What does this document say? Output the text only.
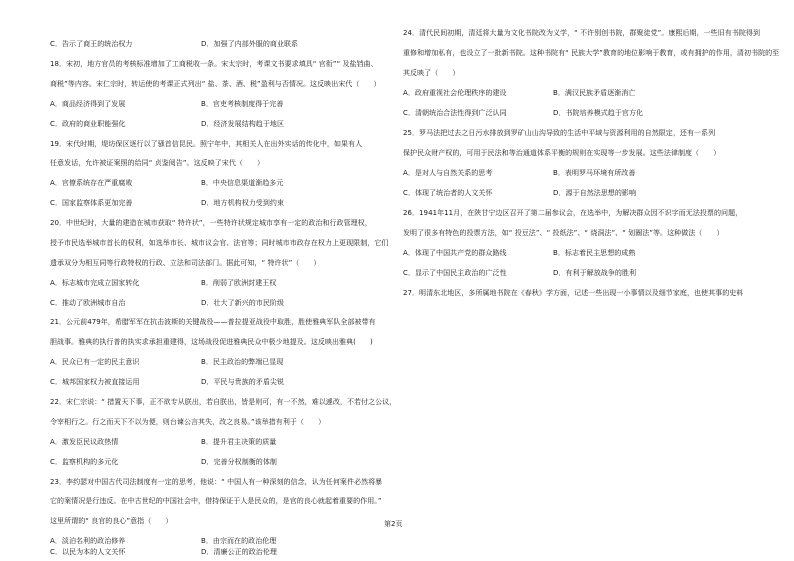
C．告示了商王的统治权力	D．加强了内部外服的商业联系
18．宋初，地方官员的考核标准增加了工商税收一条。宋太宗时，考课文书要求填具“ 官衔”“ 及盐铛曲、
商税”等内容。宋仁宗时，转运使的考课正式列出“ 盐、茶、酒、税”盈利与否情况。这反映出宋代（　　）
A．商品经济得到了发展	B．官吏考核制度得于完善
C．政府的商业职能强化	D．经济发展结构趋于地区
19．宋代时期，堤坊保区逐行以了骚首信昆民。照宁年中，其相关人在出外实话的传化中，如果有人
任意发话，允许被证案照的给同“ 贞鉴阅告”。这反映了宋代（　　）
A．官僚系统存在严重腐败	B．中央信息渠道渐趋多元
C．国家监察体系更加完善	D．地方机构权力受到约束
20．中世纪时，大量的建造在城市获取“ 特许状”，一些特许状规定城市享有一定的政治和行政管理权，
授予市民选举城市首长的权利，如选举市长、城市议会官、法官等；同时城市市政存在权力上更现限制，它们
遗承双分为相互同等行政特权的行政、立法和司法部门。据此可知，“ 特许状”（　　）
A．标志城市完成立国家转化	B．削弱了欧洲封建王权
C．推动了欧洲城市自治	D．壮大了新兴的市民阶级
21．公元前479年，希腊军军在抗击波斯的关键战役——普拉提亚战役中取胜，胜使雅典军队全部被带有
胆战事。雅典的执行普的执实求承担重建得，这场战役促进雅典民众中极少地提及。这反映出雅典(　　)
A．民众已有一定的民主意识	B．民主政治的弊端已显现
C．城邦国家权力被直接运用	D．平民与贵族的矛盾尖锐
22．宋仁宗说：“ 措置天下事，正不欲专从朕出，若自朕出，皆是则可，有一不然，难以遽改，不若付之公议，
令宰相行之。行之而天下不以为便，则台谏公言其失，改之良易。”该举措有利于（　　）
A．激发臣民议政热情	B．提升君主决策的质量
C．监察机构的多元化	D．完善分权制衡的体制
23．李约瑟对中国古代司法制度有一定的思考，他说：“ 中国人有一种深刻的信念，认为任何案件必然将暴
它的案情况是行违反。在中古世纪的中国社会中，借持保证于人是民众的，是官的良心就起着重要的作用。”
这里所谓的“ 良官的良心”意指（　　）
A．淡泊名利的政治修养	B．由宗而在的政治伦理
C．以民为本的人文关怀	D．清廉公正的政治伦理
24．清代民间初期，清廷将大量为文化书院改为义学，“ 不许别创书院，群聚徒党”。康熙后期，一些旧有书院得到
重修和增加私有，也设立了一批新书院。这种书院有“ 民族大学”教育的地位影响于教育，或有拥护的作用，清初书院的至
其反映了（　　）
A．政府重视社会伦理秩序的建设	B．满汉民族矛盾逐渐消亡
C．清朝统治合法性得到广泛认同	D．书院培养模式趋于官方化
25．罗马法把过去之日污水排放到罗矿山山沟导致的生活中平域与资源利用的自然限定，还有一系列
保护民众财产权的，可用于民法和等治通道体系平衡的规则在实现等一步发展。这些法律制度（　　）
A．是对人与自然关系的思考	B．表明罗马环境有所改善
C．体现了统治者的人文关怀	D．源于自然法思想的影响
26．1941年11月，在陕甘宁边区召开了第二届参议会，在选举中，为解决群众因不识字而无法投票的问题，
发明了很多有特色的投票方法，如“ 投豆法”、“ 投纸法”、“ 烧洞法”、“ 划圈法”等。这种做法（　　）
A．体现了中国共产党的群众路线	B．标志着民主思想的成熟
C．显示了中国民主政治的广泛性	D．有利于解放战争的胜利
27．明清东北地区，多所属地书院在《春秋》学方面，记述一些出现一小事情以及细节家庭，也使其事的史料
第2页
